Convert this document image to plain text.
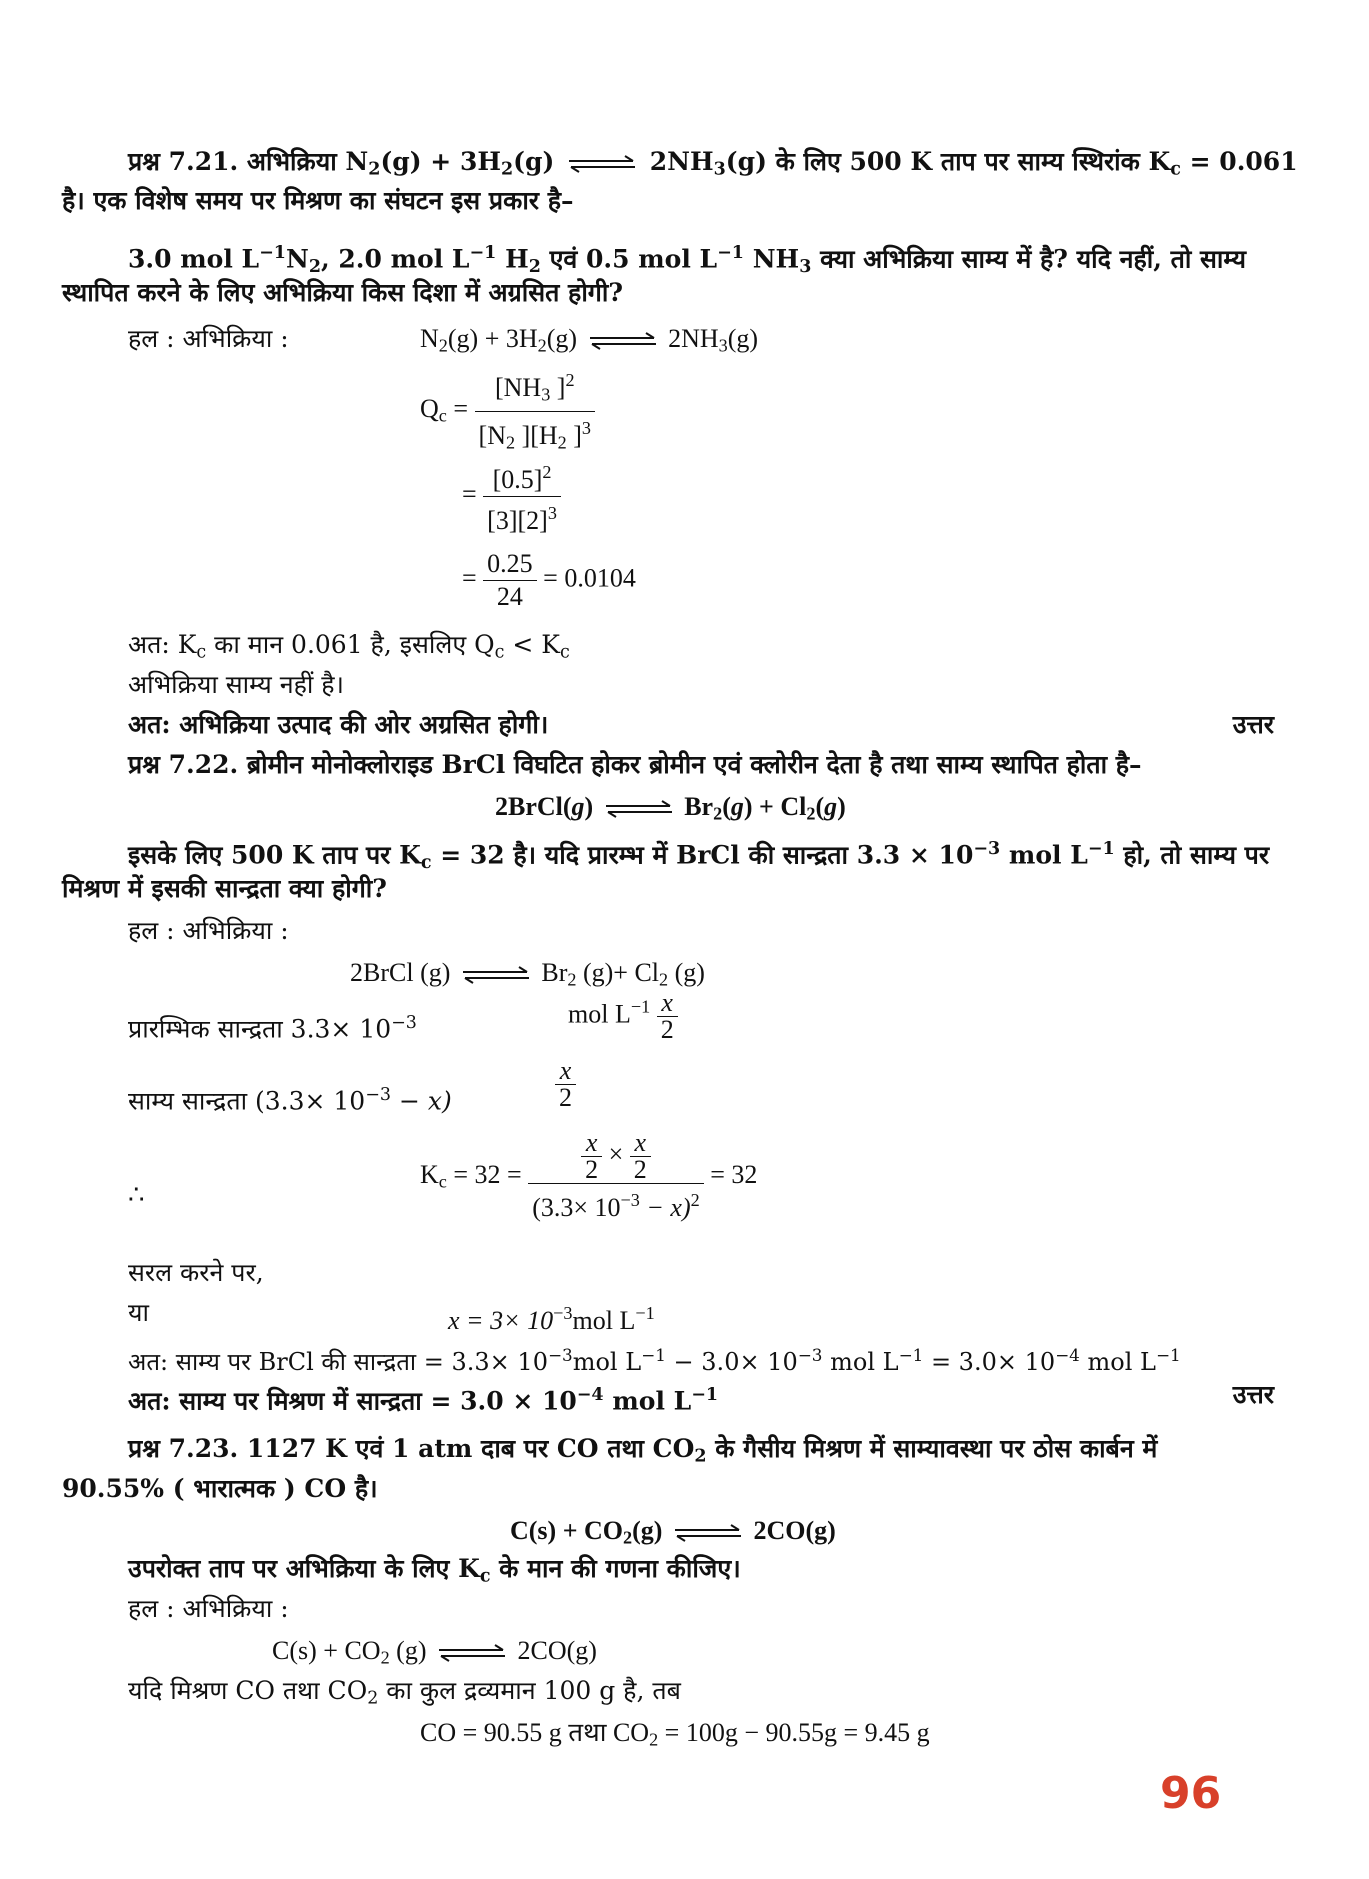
प्रश्न 7.21. अभिक्रिया $N_2(g) + 3H_2(g)$ ⇌ $2NH_3(g)$ के लिए 500 K ताप पर साम्य स्थिरांक $K_c = 0.061$
है। एक विशेष समय पर मिश्रण का संघटन इस प्रकार है–
3.0 mol $L^{-1}N_2$, 2.0 mol $L^{-1}$ $H_2$ एवं 0.5 mol $L^{-1}$ $NH_3$ क्या अभिक्रिया साम्य में है? यदि नहीं, तो साम्य
स्थापित करने के लिए अभिक्रिया किस दिशा में अग्रसित होगी?
हल : अभिक्रिया :	$N_2(g) + 3H_2(g)$ ⇌ $2NH_3(g)$
$Q_c = \frac{[NH_3 ]^2}{[N_2 ][H_2 ]^3}$
= $\frac{[0.5]^2}{[3][2]^3}$
= $\frac{0.25}{24} = 0.0104$
अत: $K_c$ का मान 0.061 है, इसलिए $Q_c < K_c$
अभिक्रिया साम्य नहीं है।
अत: अभिक्रिया उत्पाद की ओर अग्रसित होगी।	उत्तर
प्रश्न 7.22. ब्रोमीन मोनोक्लोराइड BrCl विघटित होकर ब्रोमीन एवं क्लोरीन देता है तथा साम्य स्थापित होता है–
2BrCl(g) ⇌ $Br_2(g) + Cl_2(g)$
इसके लिए 500 K ताप पर $K_c = 32$ है। यदि प्रारम्भ में BrCl की सान्द्रता $3.3 \times 10^{-3}$ mol $L^{-1}$ हो, तो साम्य पर
मिश्रण में इसकी सान्द्रता क्या होगी?
हल : अभिक्रिया :
2BrCl (g) ⇌ $Br_2$ $(g)+ Cl_2$ (g)
प्रारम्भिक सान्द्रता $3.3\times 10^{-3}$	mol $L^{-1} \frac{x}{2}$
साम्य सान्द्रता $(3.3\times 10^{-3} - x)$	$\frac{x}{2}$
∴
$K_c = 32 = \frac{\frac{x}{2} \times \frac{x}{2}}{(3.3\times 10^{-3} - x)^2} = 32$
सरल करने पर,
या	$x = 3\times 10^{-3}mol$ $L^{-1}$
अत: साम्य पर BrCl की सान्द्रता = $3.3\times 10^{-3}mol$ $L^{-1} - 3.0\times 10^{-3}$ mol $L^{-1} = 3.0\times 10^{-4}$ mol $L^{-1}$
अत: साम्य पर मिश्रण में सान्द्रता = $3.0 \times 10^{-4}$ mol $L^{-1}$	उत्तर
प्रश्न 7.23. 1127 K एवं 1 atm दाब पर CO तथा $CO_2$ के गैसीय मिश्रण में साम्यावस्था पर ठोस कार्बन में
90.55% ( भारात्मक ) CO है।
$C(s) + CO_2(g)$ ⇌ 2CO(g)
उपरोक्त ताप पर अभिक्रिया के लिए $K_c$ के मान की गणना कीजिए।
हल : अभिक्रिया :
$C(s) + CO_2$ (g) ⇌ 2CO(g)
यदि मिश्रण CO तथा $CO_2$ का कुल द्रव्यमान 100 g है, तब
CO = 90.55 g तथा $CO_2 = 100g - 90.55g = 9.45$ g
96
